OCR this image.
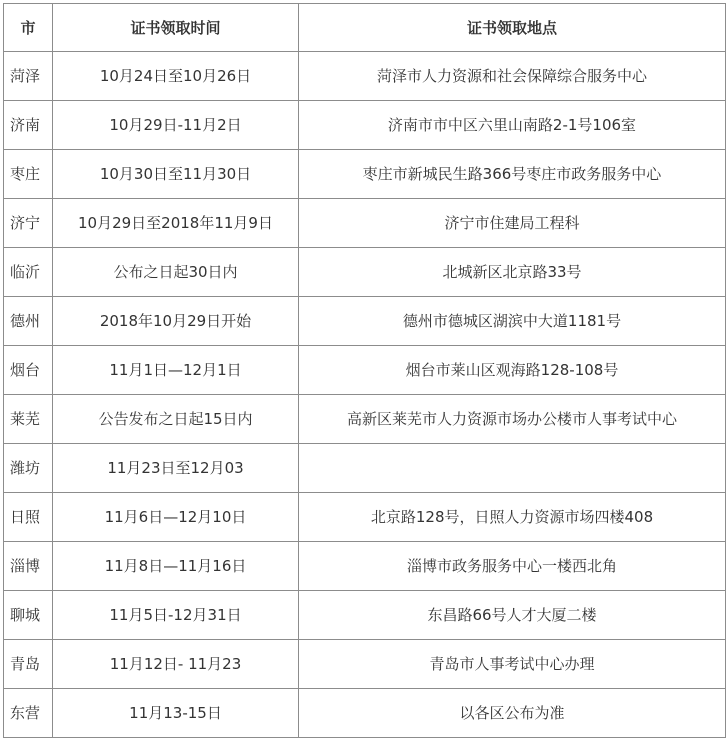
市	证书领取时间	证书领取地点
菏泽	10月24日至10月26日	菏泽市人力资源和社会保障综合服务中心
济南	10月29日-11月2日	济南市市中区六里山南路2-1号106室
枣庄	10月30日至11月30日	枣庄市新城民生路366号枣庄市政务服务中心
济宁	10月29日至2018年11月9日	济宁市住建局工程科
临沂	公布之日起30日内	北城新区北京路33号
德州	2018年10月29日开始	德州市德城区湖滨中大道1181号
烟台	11月1日—12月1日	烟台市莱山区观海路128-108号
莱芜	公告发布之日起15日内	高新区莱芜市人力资源市场办公楼市人事考试中心
潍坊	11月23日至12月03	
日照	11月6日—12月10日	北京路128号，日照人力资源市场四楼408
淄博	11月8日—11月16日	淄博市政务服务中心一楼西北角
聊城	11月5日-12月31日	东昌路66号人才大厦二楼
青岛	11月12日- 11月23	青岛市人事考试中心办理
东营	11月13-15日	以各区公布为准
